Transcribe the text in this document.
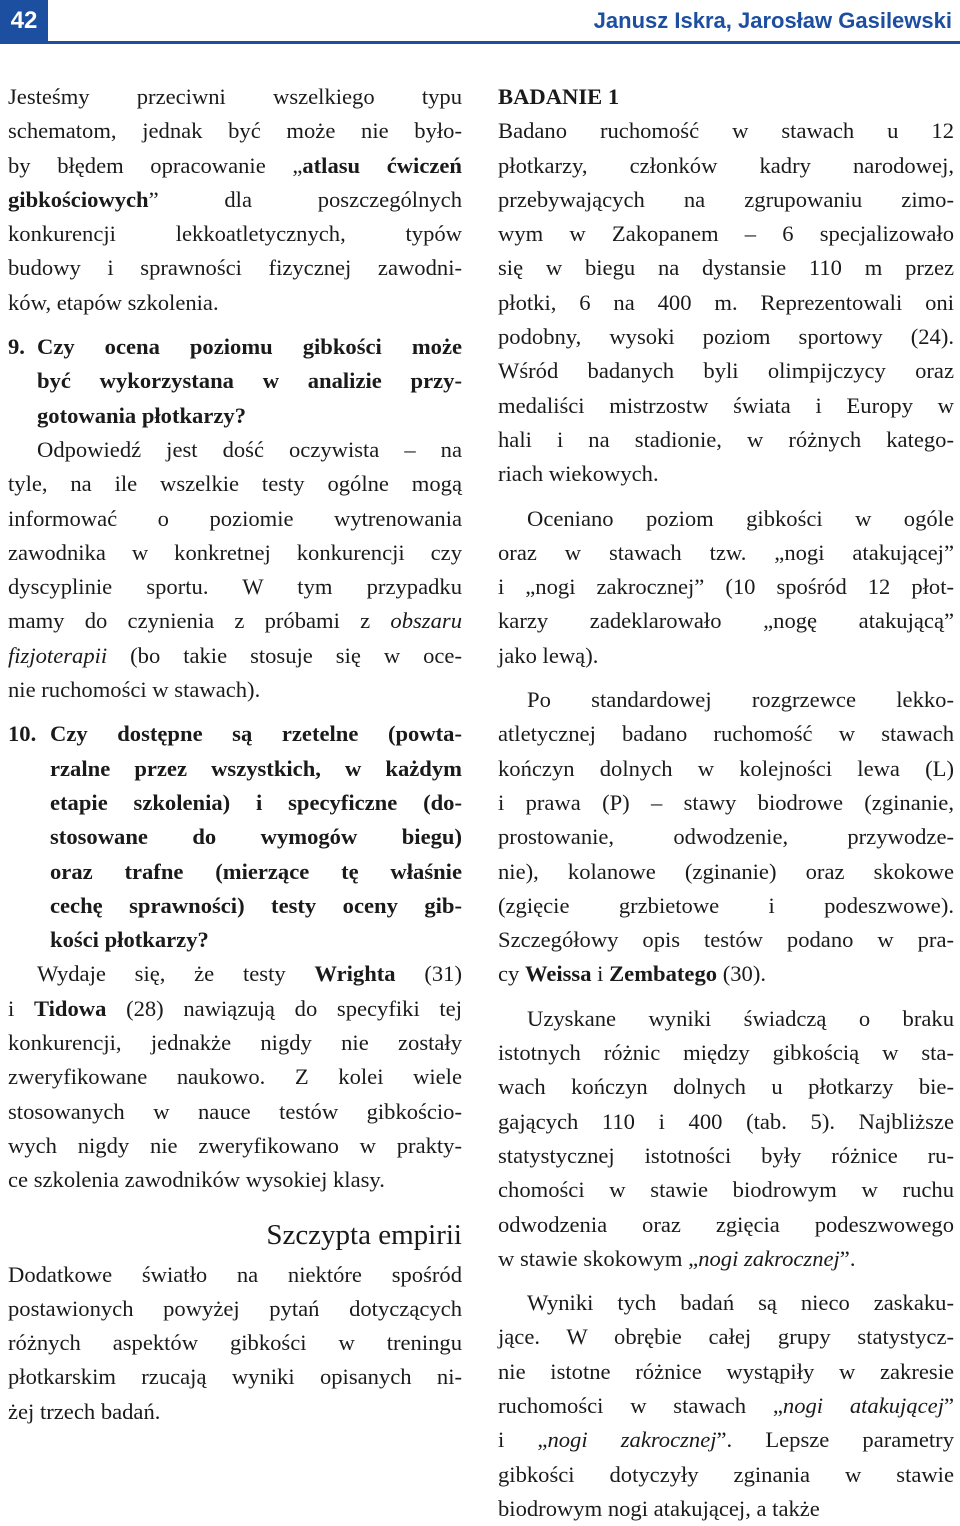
42	Janusz Iskra, Jarosław Gasilewski
Jesteśmy przeciwni wszelkiego typu
schematom, jednak być może nie było-
by błędem opracowanie „atlasu ćwiczeń
gibkościowych” dla poszczególnych
konkurencji lekkoatletycznych, typów
budowy i sprawności fizycznej zawodni-
ków, etapów szkolenia.
9. Czy ocena poziomu gibkości może
być wykorzystana w analizie przy-
gotowania płotkarzy?
Odpowiedź jest dość oczywista – na
tyle, na ile wszelkie testy ogólne mogą
informować o poziomie wytrenowania
zawodnika w konkretnej konkurencji czy
dyscyplinie sportu. W tym przypadku
mamy do czynienia z próbami z obszaru
fizjoterapii (bo takie stosuje się w oce-
nie ruchomości w stawach).
10. Czy dostępne są rzetelne (powta-
rzalne przez wszystkich, w każdym
etapie szkolenia) i specyficzne (do-
stosowane do wymogów biegu)
oraz trafne (mierzące tę właśnie
cechę sprawności) testy oceny gib-
kości płotkarzy?
Wydaje się, że testy Wrighta (31)
i Tidowa (28) nawiązują do specyfiki tej
konkurencji, jednakże nigdy nie zostały
zweryfikowane naukowo. Z kolei wiele
stosowanych w nauce testów gibkościo-
wych nigdy nie zweryfikowano w prakty-
ce szkolenia zawodników wysokiej klasy.
Szczypta empirii
Dodatkowe światło na niektóre spośród
postawionych powyżej pytań dotyczących
różnych aspektów gibkości w treningu
płotkarskim rzucają wyniki opisanych ni-
żej trzech badań.
BADANIE 1
Badano ruchomość w stawach u 12
płotkarzy, członków kadry narodowej,
przebywających na zgrupowaniu zimo-
wym w Zakopanem – 6 specjalizowało
się w biegu na dystansie 110 m przez
płotki, 6 na 400 m. Reprezentowali oni
podobny, wysoki poziom sportowy (24).
Wśród badanych byli olimpijczycy oraz
medaliści mistrzostw świata i Europy w
hali i na stadionie, w różnych katego-
riach wiekowych.
Oceniano poziom gibkości w ogóle
oraz w stawach tzw. „nogi atakującej”
i „nogi zakrocznej” (10 spośród 12 płot-
karzy zadeklarowało „nogę atakującą”
jako lewą).
Po standardowej rozgrzewce lekko-
atletycznej badano ruchomość w stawach
kończyn dolnych w kolejności lewa (L)
i prawa (P) – stawy biodrowe (zginanie,
prostowanie, odwodzenie, przywodze-
nie), kolanowe (zginanie) oraz skokowe
(zgięcie grzbietowe i podeszwowe).
Szczegółowy opis testów podano w pra-
cy Weissa i Zembatego (30).
Uzyskane wyniki świadczą o braku
istotnych różnic między gibkością w sta-
wach kończyn dolnych u płotkarzy bie-
gających 110 i 400 (tab. 5). Najbliższe
statystycznej istotności były różnice ru-
chomości w stawie biodrowym w ruchu
odwodzenia oraz zgięcia podeszwowego
w stawie skokowym „nogi zakrocznej”.
Wyniki tych badań są nieco zaskaku-
jące. W obrębie całej grupy statystycz-
nie istotne różnice wystąpiły w zakresie
ruchomości w stawach „nogi atakującej”
i „nogi zakrocznej”. Lepsze parametry
gibkości dotyczyły zginania w stawie
biodrowym nogi atakującej, a także
